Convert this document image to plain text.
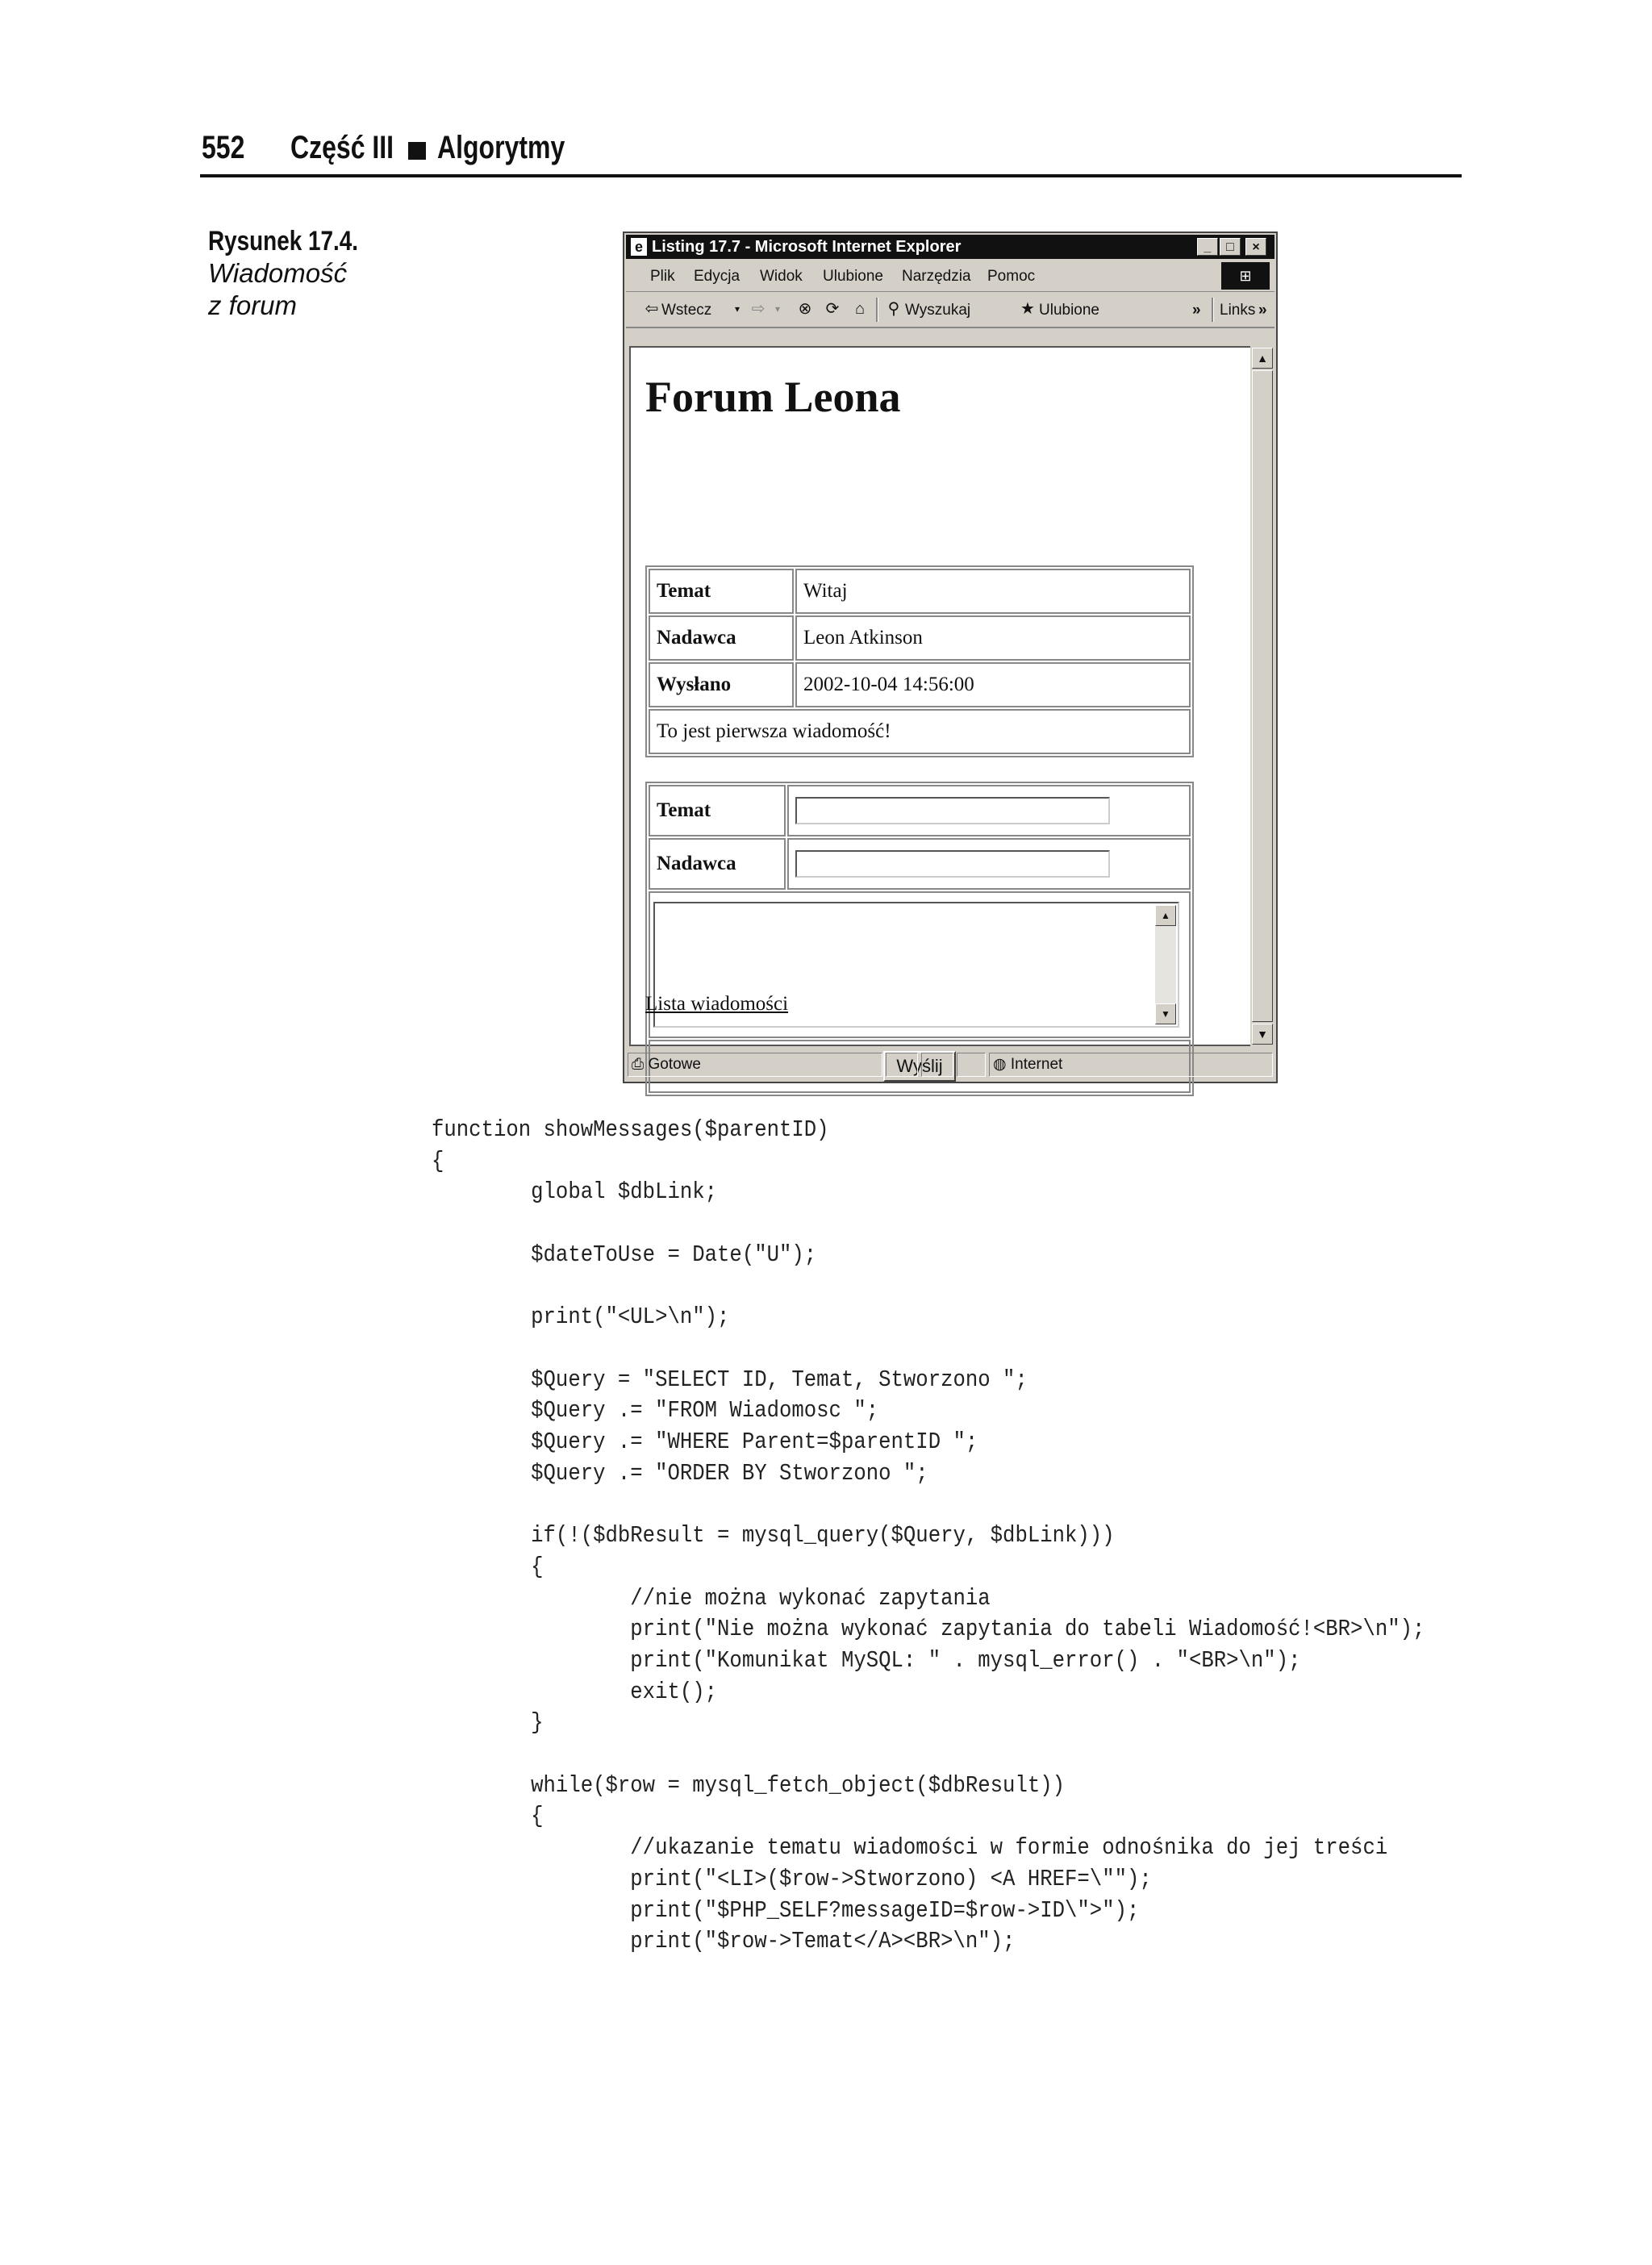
552 Część III Algorytmy
Rysunek 17.4.
Wiadomość
z forum
e Listing 17.7 - Microsoft Internet Explorer	_	□	×
Plik Edycja Widok Ulubione Narzędzia Pomoc	⊞
⇦ Wstecz	▾ ⇨	▾	⊗ ⟳ ⌂ ⚲ Wyszukaj	★ Ulubione	» Links »
Forum Leona
Temat	Witaj
Nadawca	Leon Atkinson
Wysłano	2002-10-04 14:56:00
To jest pierwsza wiadomość!	
Temat	
Nadawca	

▲
▼	

Wyślij	
Lista wiadomości
▲
▼
⎙ Gotowe	◍ Internet
function showMessages($parentID)
{
global $dbLink;

$dateToUse = Date("U");

print("<UL>\n");

$Query = "SELECT ID, Temat, Stworzono ";
$Query .= "FROM Wiadomosc ";
$Query .= "WHERE Parent=$parentID ";
$Query .= "ORDER BY Stworzono ";

if(!($dbResult = mysql_query($Query, $dbLink)))
{
//nie można wykonać zapytania
print("Nie można wykonać zapytania do tabeli Wiadomość!<BR>\n");
print("Komunikat MySQL: " . mysql_error() . "<BR>\n");
exit();
}

while($row = mysql_fetch_object($dbResult))
{
//ukazanie tematu wiadomości w formie odnośnika do jej treści
print("<LI>($row->Stworzono) <A HREF=\"");
print("$PHP_SELF?messageID=$row->ID\">");
print("$row->Temat</A><BR>\n");
